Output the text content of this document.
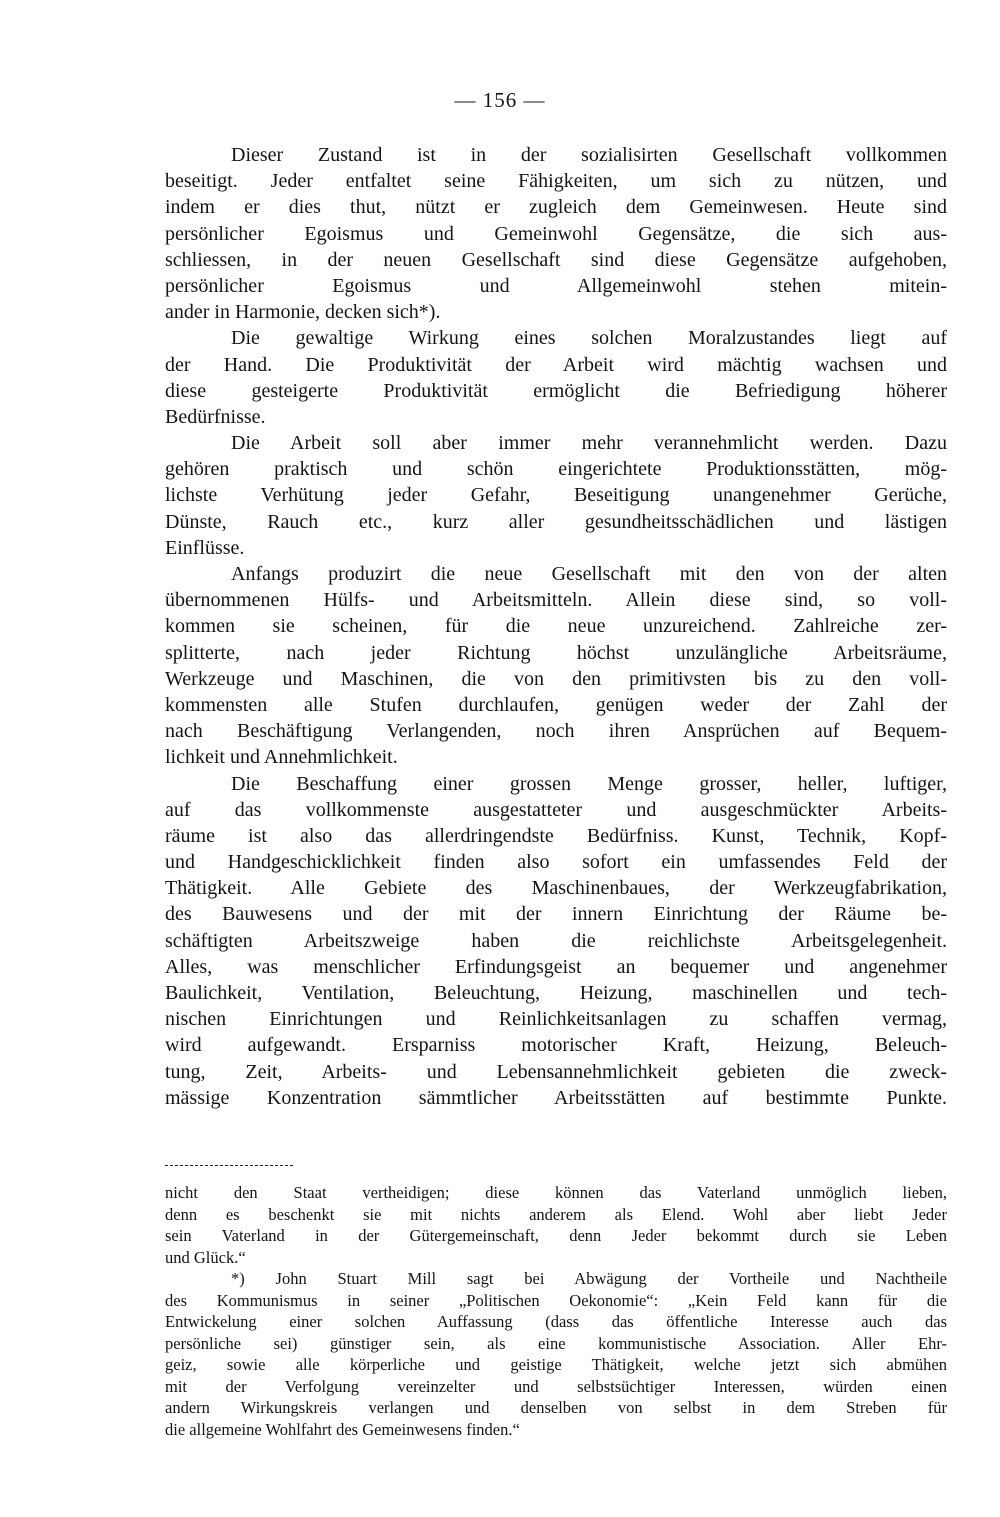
— 156 —
Dieser Zustand ist in der sozialisirten Gesellschaft vollkommen
beseitigt. Jeder entfaltet seine Fähigkeiten, um sich zu nützen, und
indem er dies thut, nützt er zugleich dem Gemeinwesen. Heute sind
persönlicher Egoismus und Gemeinwohl Gegensätze, die sich aus-
schliessen, in der neuen Gesellschaft sind diese Gegensätze aufgehoben,
persönlicher Egoismus und Allgemeinwohl stehen mitein-
ander in Harmonie, decken sich*).
Die gewaltige Wirkung eines solchen Moralzustandes liegt auf
der Hand. Die Produktivität der Arbeit wird mächtig wachsen und
diese gesteigerte Produktivität ermöglicht die Befriedigung höherer
Bedürfnisse.
Die Arbeit soll aber immer mehr verannehmlicht werden. Dazu
gehören praktisch und schön eingerichtete Produktionsstätten, mög-
lichste Verhütung jeder Gefahr, Beseitigung unangenehmer Gerüche,
Dünste, Rauch etc., kurz aller gesundheitsschädlichen und lästigen
Einflüsse.
Anfangs produzirt die neue Gesellschaft mit den von der alten
übernommenen Hülfs- und Arbeitsmitteln. Allein diese sind, so voll-
kommen sie scheinen, für die neue unzureichend. Zahlreiche zer-
splitterte, nach jeder Richtung höchst unzulängliche Arbeitsräume,
Werkzeuge und Maschinen, die von den primitivsten bis zu den voll-
kommensten alle Stufen durchlaufen, genügen weder der Zahl der
nach Beschäftigung Verlangenden, noch ihren Ansprüchen auf Bequem-
lichkeit und Annehmlichkeit.
Die Beschaffung einer grossen Menge grosser, heller, luftiger,
auf das vollkommenste ausgestatteter und ausgeschmückter Arbeits-
räume ist also das allerdringendste Bedürfniss. Kunst, Technik, Kopf-
und Handgeschicklichkeit finden also sofort ein umfassendes Feld der
Thätigkeit. Alle Gebiete des Maschinenbaues, der Werkzeugfabrikation,
des Bauwesens und der mit der innern Einrichtung der Räume be-
schäftigten Arbeitszweige haben die reichlichste Arbeitsgelegenheit.
Alles, was menschlicher Erfindungsgeist an bequemer und angenehmer
Baulichkeit, Ventilation, Beleuchtung, Heizung, maschinellen und tech-
nischen Einrichtungen und Reinlichkeitsanlagen zu schaffen vermag,
wird aufgewandt. Ersparniss motorischer Kraft, Heizung, Beleuch-
tung, Zeit, Arbeits- und Lebensannehmlichkeit gebieten die zweck-
mässige Konzentration sämmtlicher Arbeitsstätten auf bestimmte Punkte.
nicht den Staat vertheidigen; diese können das Vaterland unmöglich lieben,
denn es beschenkt sie mit nichts anderem als Elend. Wohl aber liebt Jeder
sein Vaterland in der Gütergemeinschaft, denn Jeder bekommt durch sie Leben
und Glück.“
*) John Stuart Mill sagt bei Abwägung der Vortheile und Nachtheile
des Kommunismus in seiner „Politischen Oekonomie“: „Kein Feld kann für die
Entwickelung einer solchen Auffassung (dass das öffentliche Interesse auch das
persönliche sei) günstiger sein, als eine kommunistische Association. Aller Ehr-
geiz, sowie alle körperliche und geistige Thätigkeit, welche jetzt sich abmühen
mit der Verfolgung vereinzelter und selbstsüchtiger Interessen, würden einen
andern Wirkungskreis verlangen und denselben von selbst in dem Streben für
die allgemeine Wohlfahrt des Gemeinwesens finden.“
